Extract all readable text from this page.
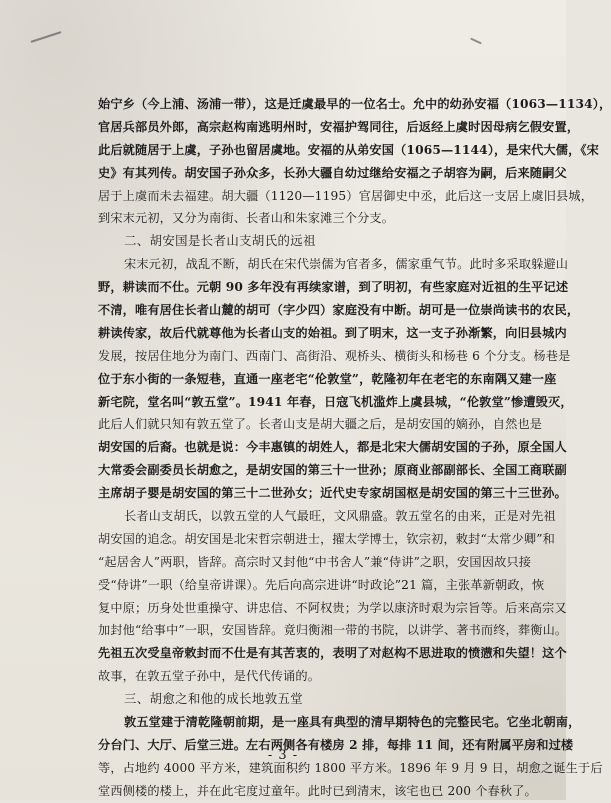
始宁乡（今上浦、汤浦一带），这是迁虞最早的一位名士。允中的幼孙安福（1063—1134），
官居兵部员外郎，高宗赵构南逃明州时，安福护驾同往，后返经上虞时因母病乞假安置，
此后就随居于上虞，子孙也留居虞地。安福的从弟安国（1065—1144），是宋代大儒，《宋
史》有其列传。胡安国子孙众多，长孙大疆自幼过继给安福之子胡容为嗣，后来随嗣父
居于上虞而未去福建。胡大疆（1120—1195）官居御史中丞，此后这一支居上虞旧县城，
到宋末元初，又分为南街、长者山和朱家滩三个分支。
二、胡安国是长者山支胡氏的远祖
宋末元初，战乱不断，胡氏在宋代崇儒为官者多，儒家重气节。此时多采取躲避山
野，耕读而不仕。元朝 90 多年没有再续家谱，到了明初，有些家庭对近祖的生平记述
不清，唯有居住长者山麓的胡可（字少四）家庭没有中断。胡可是一位崇尚读书的农民，
耕读传家，故后代就尊他为长者山支的始祖。到了明末，这一支子孙渐繁，向旧县城内
发展，按居住地分为南门、西南门、高街沿、观桥头、横街头和杨巷 6 个分支。杨巷是
位于东小街的一条短巷，直通一座老宅“伦敦堂”，乾隆初年在老宅的东南隅又建一座
新宅院，堂名叫“敦五堂”。1941 年春，日寇飞机滥炸上虞县城，“伦敦堂”惨遭毁灭，
此后人们就只知有敦五堂了。长者山支是胡大疆之后，是胡安国的嫡孙，自然也是
胡安国的后裔。也就是说：今丰惠镇的胡姓人，都是北宋大儒胡安国的子孙，原全国人
大常委会副委员长胡愈之，是胡安国的第三十一世孙；原商业部副部长、全国工商联副
主席胡子婴是胡安国的第三十二世孙女；近代史专家胡国枢是胡安国的第三十三世孙。
长者山支胡氏，以敦五堂的人气最旺，文风鼎盛。敦五堂名的由来，正是对先祖
胡安国的追念。胡安国是北宋哲宗朝进士，擢太学博士，钦宗初，敕封“太常少卿”和
“起居舍人”两职，皆辞。高宗时又封他“中书舍人”兼“侍讲”之职，安国因故只接
受“侍讲”一职（给皇帝讲课）。先后向高宗进讲“时政论”21 篇，主张革新朝政，恢
复中原；历身处世重操守、讲忠信、不阿权贵；为学以康济时艰为宗旨等。后来高宗又
加封他“给事中”一职，安国皆辞。竟归衡湘一带的书院，以讲学、著书而终，葬衡山。
先祖五次受皇帝敕封而不仕是有其苦衷的，表明了对赵构不思进取的愤懑和失望！这个
故事，在敦五堂子孙中，是代代传诵的。
三、胡愈之和他的成长地敦五堂
敦五堂建于清乾隆朝前期，是一座具有典型的清早期特色的完整民宅。它坐北朝南，
分台门、大厅、后堂三进。左右两侧各有楼房 2 排，每排 11 间，还有附属平房和过楼
等，占地约 4000 平方米，建筑面积约 1800 平方米。1896 年 9 月 9 日，胡愈之诞生于后
堂西侧楼的楼上，并在此宅度过童年。此时已到清末，该宅也已 200 个春秋了。
- 3 -
